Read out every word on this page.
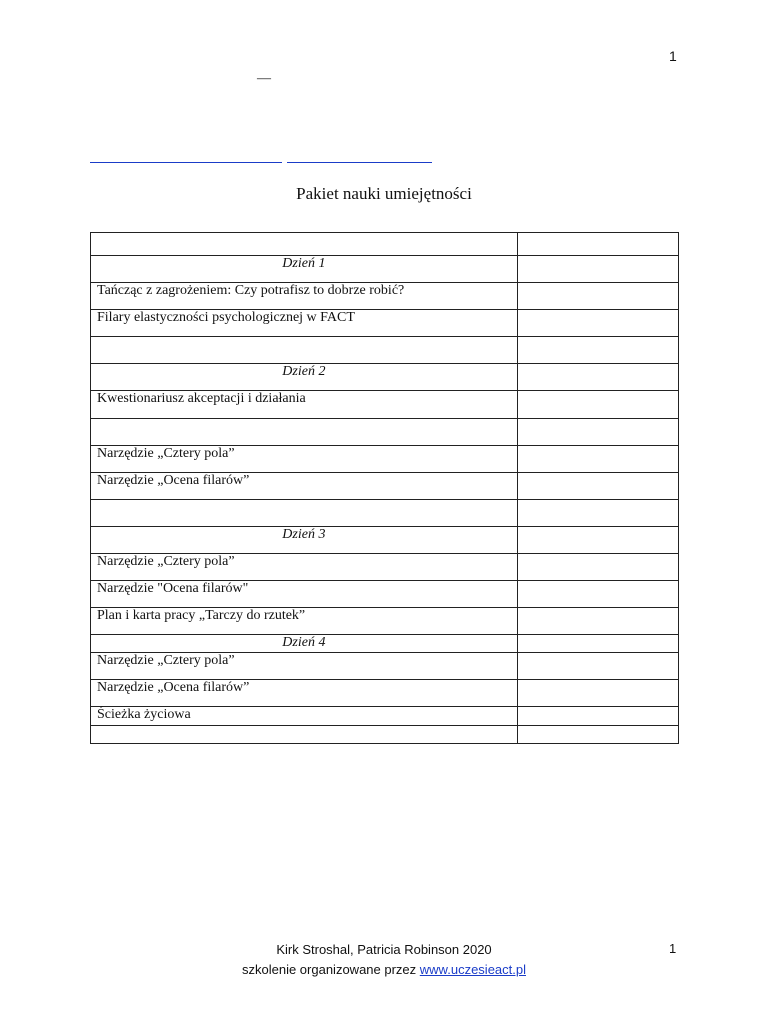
1
—
Pakiet nauki umiejętności

Dzień 1	
Tańcząc z zagrożeniem: Czy potrafisz to dobrze robić?	
Filary elastyczności psychologicznej w FACT	

Dzień 2	
Kwestionariusz akceptacji i działania	

Narzędzie „Cztery pola”	
Narzędzie „Ocena filarów”	

Dzień 3	
Narzędzie „Cztery pola”	
Narzędzie "Ocena filarów"	
Plan i karta pracy „Tarczy do rzutek”	
Dzień 4	
Narzędzie „Cztery pola”	
Narzędzie „Ocena filarów”	
Ścieżka życiowa	

Kirk Stroshal, Patricia Robinson 2020
szkolenie organizowane przez www.uczesieact.pl
1
